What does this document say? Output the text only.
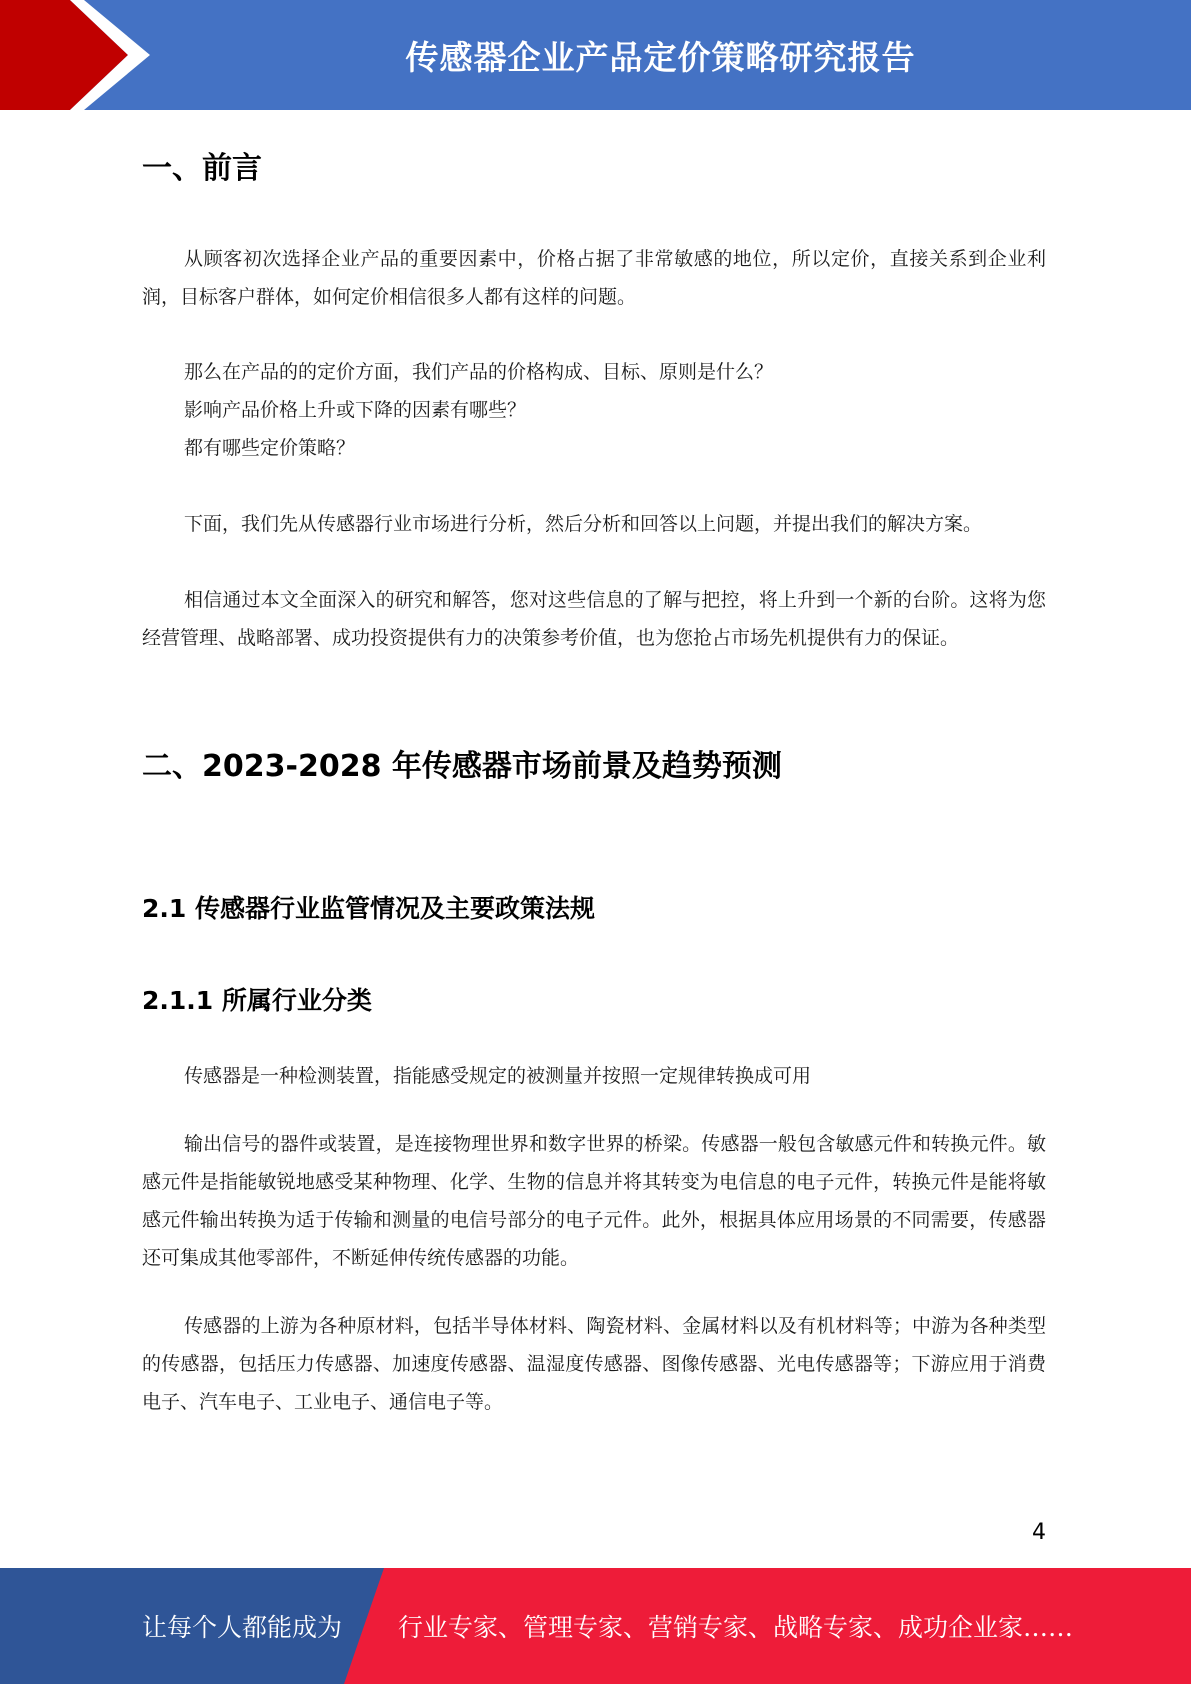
传感器企业产品定价策略研究报告
一、前言

从顾客初次选择企业产品的重要因素中，价格占据了非常敏感的地位，所以定价，直接关系到企业利润，目标客户群体，如何定价相信很多人都有这样的问题。

那么在产品的的定价方面，我们产品的价格构成、目标、原则是什么？

影响产品价格上升或下降的因素有哪些？

都有哪些定价策略？

下面，我们先从传感器行业市场进行分析，然后分析和回答以上问题，并提出我们的解决方案。

相信通过本文全面深入的研究和解答，您对这些信息的了解与把控，将上升到一个新的台阶。这将为您经营管理、战略部署、成功投资提供有力的决策参考价值，也为您抢占市场先机提供有力的保证。

二、2023-2028 年传感器市场前景及趋势预测
2.1 传感器行业监管情况及主要政策法规
2.1.1 所属行业分类

传感器是一种检测装置，指能感受规定的被测量并按照一定规律转换成可用

输出信号的器件或装置，是连接物理世界和数字世界的桥梁。传感器一般包含敏感元件和转换元件。敏感元件是指能敏锐地感受某种物理、化学、生物的信息并将其转变为电信息的电子元件，转换元件是能将敏感元件输出转换为适于传输和测量的电信号部分的电子元件。此外，根据具体应用场景的不同需要，传感器还可集成其他零部件，不断延伸传统传感器的功能。

传感器的上游为各种原材料，包括半导体材料、陶瓷材料、金属材料以及有机材料等；中游为各种类型的传感器，包括压力传感器、加速度传感器、温湿度传感器、图像传感器、光电传感器等；下游应用于消费电子、汽车电子、工业电子、通信电子等。

4
让每个人都能成为 行业专家、管理专家、营销专家、战略专家、成功企业家……
